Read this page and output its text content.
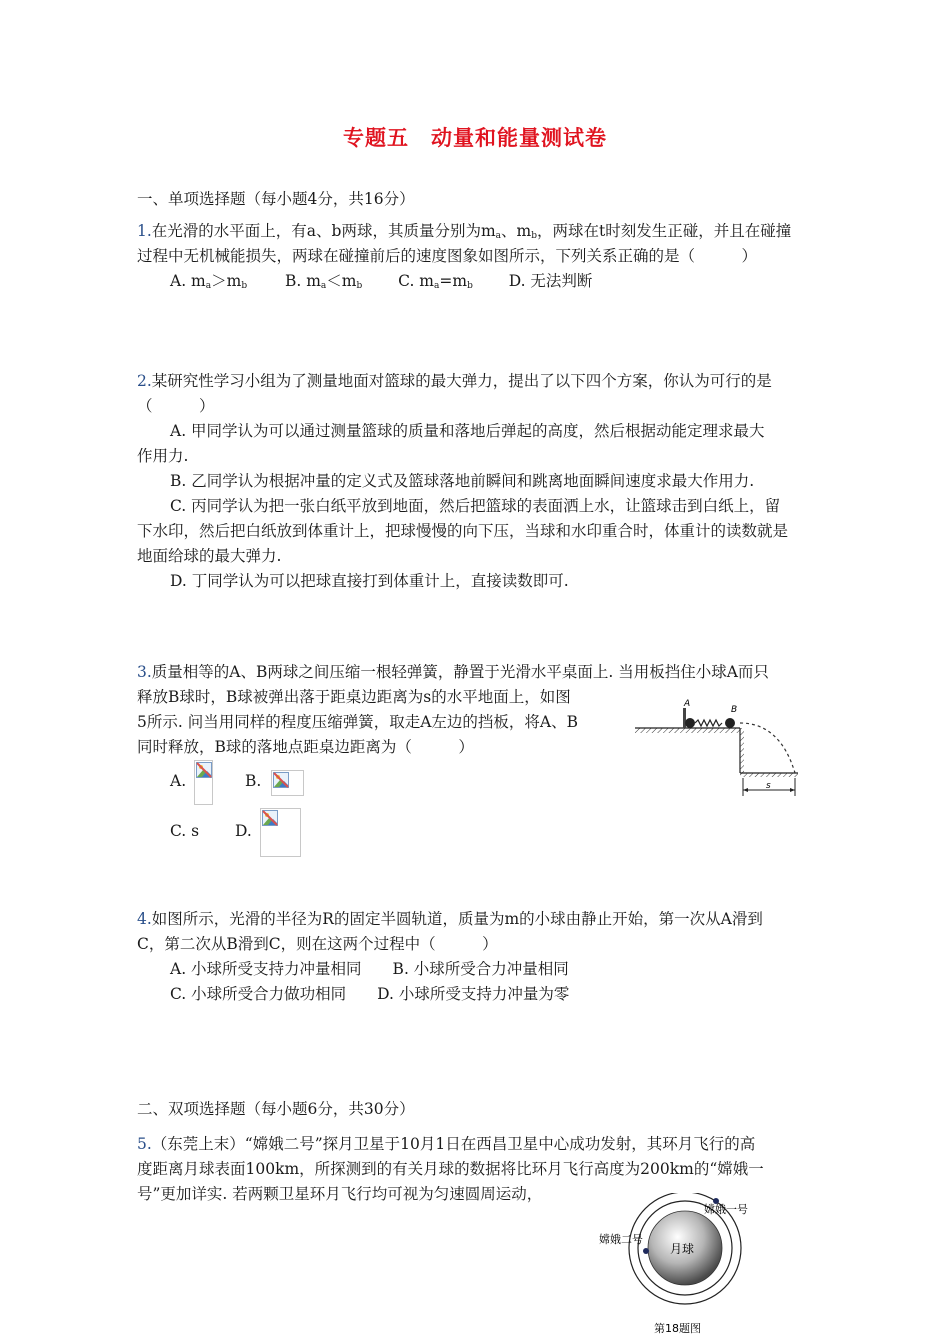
专题五　动量和能量测试卷
一、单项选择题（每小题4分，共16分）
1.在光滑的水平面上，有a、b两球，其质量分别为$m_a$、$m_b$，两球在t时刻发生正碰，并且在碰撞
过程中无机械能损失，两球在碰撞前后的速度图象如图所示，下列关系正确的是（　　　）
A. $m_a>m_b$ B. $m_a<m_b$ C. $m_a=m_b$ D. 无法判断
2.某研究性学习小组为了测量地面对篮球的最大弹力，提出了以下四个方案，你认为可行的是
（　　　）
A. 甲同学认为可以通过测量篮球的质量和落地后弹起的高度，然后根据动能定理求最大
作用力.
B. 乙同学认为根据冲量的定义式及篮球落地前瞬间和跳离地面瞬间速度求最大作用力.
C. 丙同学认为把一张白纸平放到地面，然后把篮球的表面洒上水，让篮球击到白纸上，留
下水印，然后把白纸放到体重计上，把球慢慢的向下压，当球和水印重合时，体重计的读数就是
地面给球的最大弹力.
D. 丁同学认为可以把球直接打到体重计上，直接读数即可.
3.质量相等的A、B两球之间压缩一根轻弹簧，静置于光滑水平桌面上. 当用板挡住小球A而只
释放B球时，B球被弹出落于距桌边距离为s的水平地面上，如图
5所示. 问当用同样的程度压缩弹簧，取走A左边的挡板，将A、B
同时释放，B球的落地点距桌边距离为（　　　）
A
B
s
A.	B.
C. s D.
4.如图所示，光滑的半径为R的固定半圆轨道，质量为m的小球由静止开始，第一次从A滑到
C，第二次从B滑到C，则在这两个过程中（　　　）
A. 小球所受支持力冲量相同　　B. 小球所受合力冲量相同
C. 小球所受合力做功相同　　D. 小球所受支持力冲量为零
二、双项选择题（每小题6分，共30分）
5.（东莞上末）“嫦娥二号”探月卫星于10月1日在西昌卫星中心成功发射，其环月飞行的高
度距离月球表面100km，所探测到的有关月球的数据将比环月飞行高度为200km的“嫦娥一
号”更加详实. 若两颗卫星环月飞行均可视为匀速圆周运动，
月球
嫦娥一号
嫦娥二号
第18题图
